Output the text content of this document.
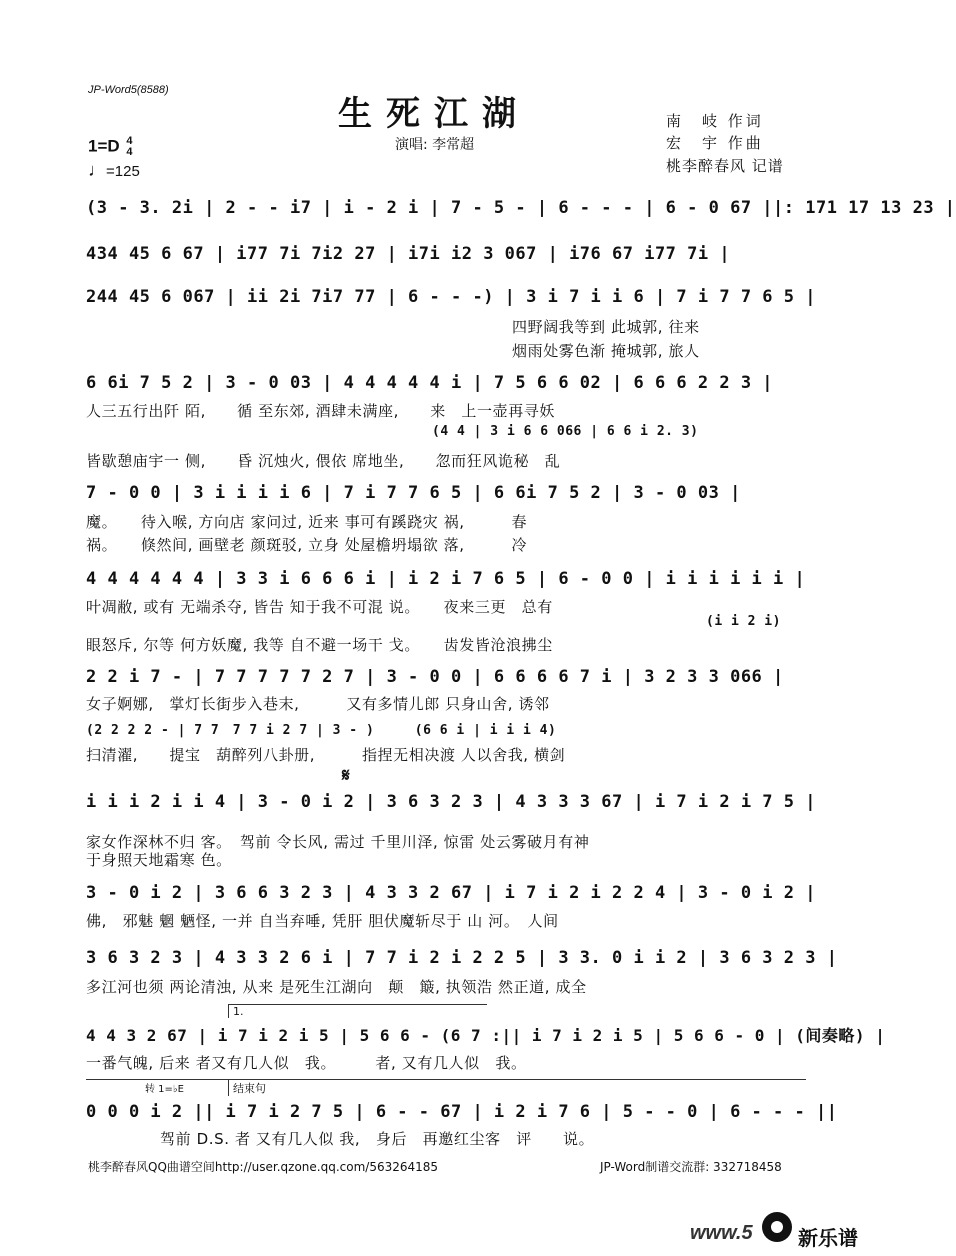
JP-Word5(8588)
生死江湖
演唱: 李常超
南　岐 作词
宏　宇 作曲
桃李醉春风 记谱
1=D 4
4
♩=125
(3 - 3. 2i | 2 - - i7 | i - 2 i | 7 - 5 - | 6 - - - | 6 - 0 67 ||: 171 17 13 23 |
434 45 6 67 | i77 7i 7i2 27 | i7i i2 3 067 | i76 67 i77 7i |
244 45 6 067 | ii 2i 7i7 77 | 6 - - -) | 3 i 7 i i 6 | 7 i 7 7 6 5 |
四野阔我等到 此城郭, 往来
烟雨处雾色渐 掩城郭, 旅人
6 6i 7 5 2 | 3 - 0 03 | 4 4 4 4 4 i | 7 5 6 6 02 | 6 6 6 2 2 3 |
人三五行出阡 陌,　　循 至东郊, 酒肆未满座,　　来　上一壶再寻妖
(4 4 | 3 i 6 6 066 | 6 6 i 2. 3)
皆歇憩庙宇一 侧,　　昏 沉烛火, 偎依 席地坐,　　忽而狂风诡秘　乱
7 - 0 0 | 3 i i i i 6 | 7 i 7 7 6 5 | 6 6i 7 5 2 | 3 - 0 03 |
魔。　　待入喉, 方向店 家问过, 近来 事可有蹊跷灾 祸,　　　春
祸。　　倏然间, 画壁老 颜斑驳, 立身 处屋檐坍塌欲 落,　　　冷
4 4 4 4 4 4 | 3 3 i 6 6 6 i | i 2 i 7 6 5 | 6 - 0 0 | i i i i i i |
叶凋敝, 或有 无端杀夺, 皆告 知于我不可混 说。　　夜来三更　总有
(i i 2 i)
眼怒斥, 尔等 何方妖魔, 我等 自不避一场干 戈。　　齿发皆沧浪拂尘
2 2 i 7 - | 7 7 7 7 7 2 7 | 3 - 0 0 | 6 6 6 6 7 i | 3 2 3 3 066 |
女子婀娜,　掌灯长街步入巷末,　　　又有多情儿郎 只身山舍, 诱邻
(2 2 2 2 - | 7 7　7 7 i 2 7 | 3 - )　　　(6 6 i | i i i 4)
扫清濯,　　提宝　葫醉列八卦册,　　　指捏无相决渡 人以舍我, 横剑
𝄋
i i i 2 i i 4 | 3 - 0 i 2 | 3 6 3 2 3 | 4 3 3 3 67 | i 7 i 2 i 7 5 |
家女作深林不归 客。　驾前 令长风, 需过 千里川泽, 惊雷 处云雾破月有神
于身照天地霜寒 色。
3 - 0 i 2 | 3 6 6 3 2 3 | 4 3 3 2 67 | i 7 i 2 i 2 2 4 | 3 - 0 i 2 |
佛,　邪魅 魍 魉怪, 一并 自当弃唾, 凭肝 胆伏魔斩尽于 山 河。　人间
3 6 3 2 3 | 4 3 3 2 6 i | 7 7 i 2 i 2 2 5 | 3 3. 0 i i 2 | 3 6 3 2 3 |
多江河也须 两论清浊, 从来 是死生江湖向　颠　簸, 执领浩 然正道, 成全
1.
4 4 3 2 67 | i 7 i 2 i 5 | 5 6 6 - (6 7 :|| i 7 i 2 i 5 | 5 6 6 - 0 | (间奏略) |
一番气魄, 后来 者又有几人似　我。　　　者, 又有几人似　我。
转 1=♭E	结束句
0 0 0 i 2 || i 7 i 2 7 5 | 6 - - 67 | i 2 i 7 6 | 5 - - 0 | 6 - - - ||
驾前 D.S. 者 又有几人似 我,　身后　再邀红尘客　评　　说。
桃李醉春风QQ曲谱空间http://user.qzone.qq.com/563264185	JP-Word制谱交流群: 332718458
www.5 新乐谱
